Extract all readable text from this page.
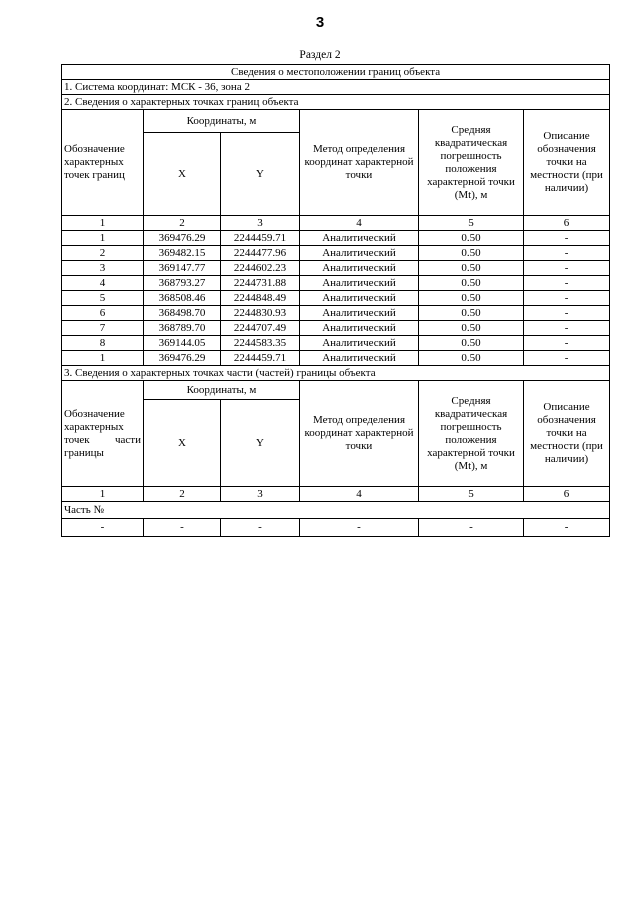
3
Раздел 2
Сведения о местоположении границ объекта					
1. Система координат: МСК - 36, зона 2					
2. Сведения о характерных точках границ объекта					
Обозначение характерных точек границ	Координаты, м		Метод определения координат характерной точки	Средняя квадратическая погрешность положения характерной точки (Mt), м	Описание обозначения точки на местности (при наличии)
	X	Y			
1	2	3	4	5	6
1	369476.29	2244459.71	Аналитический	0.50	-
2	369482.15	2244477.96	Аналитический	0.50	-
3	369147.77	2244602.23	Аналитический	0.50	-
4	368793.27	2244731.88	Аналитический	0.50	-
5	368508.46	2244848.49	Аналитический	0.50	-
6	368498.70	2244830.93	Аналитический	0.50	-
7	368789.70	2244707.49	Аналитический	0.50	-
8	369144.05	2244583.35	Аналитический	0.50	-
1	369476.29	2244459.71	Аналитический	0.50	-
3. Сведения о характерных точках части (частей) границы объекта					

Обозначение
характерных
точек части
границы	Координаты, м		Метод определения координат характерной точки	Средняя квадратическая погрешность положения характерной точки (Mt), м	Описание обозначения точки на местности (при наличии)
	X	Y			
1	2	3	4	5	6
Часть №					
-	-	-	-	-	-
